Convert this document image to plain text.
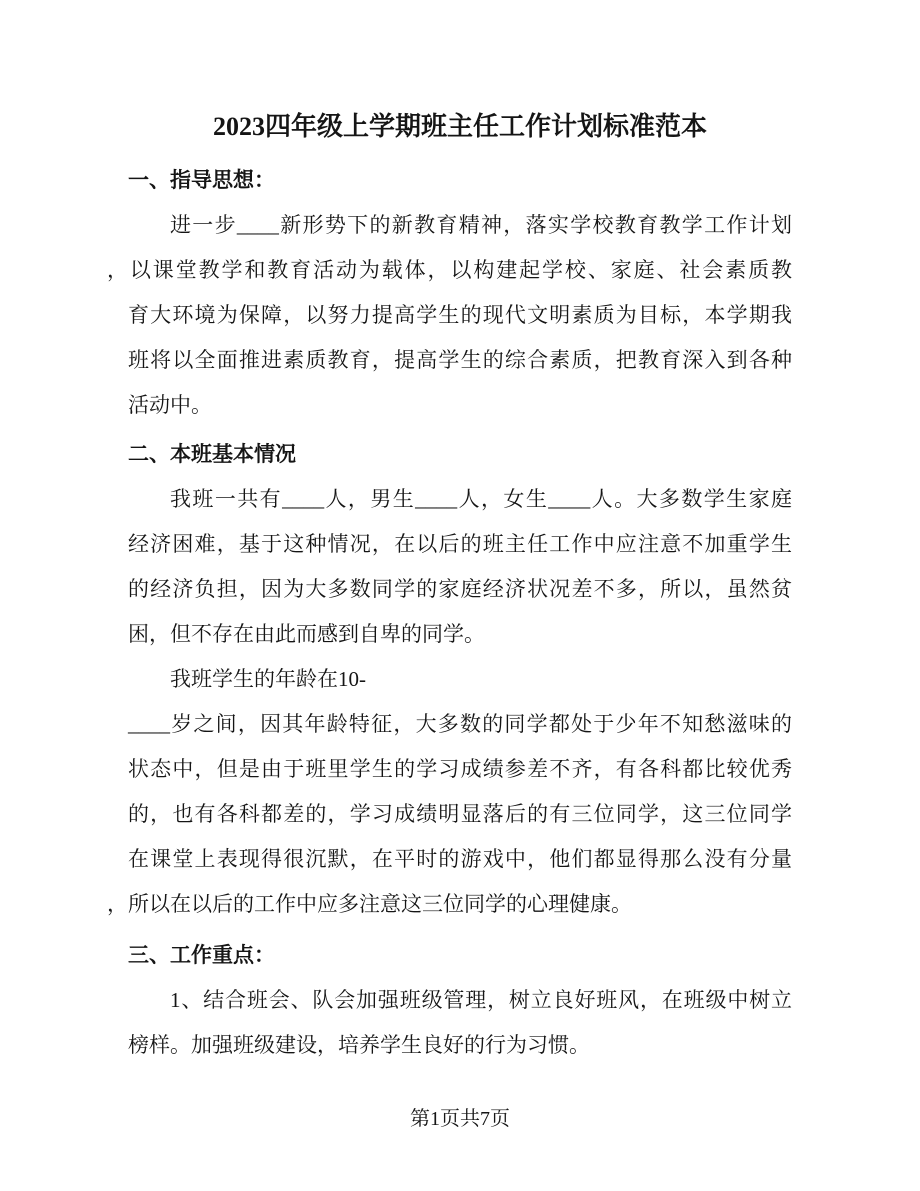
2023四年级上学期班主任工作计划标准范本
一、指导思想：
进一步____新形势下的新教育精神，落实学校教育教学工作计划
，以课堂教学和教育活动为载体，以构建起学校、家庭、社会素质教
育大环境为保障，以努力提高学生的现代文明素质为目标，本学期我
班将以全面推进素质教育，提高学生的综合素质，把教育深入到各种
活动中。
二、本班基本情况
我班一共有____人，男生____人，女生____人。大多数学生家庭
经济困难，基于这种情况，在以后的班主任工作中应注意不加重学生
的经济负担，因为大多数同学的家庭经济状况差不多，所以，虽然贫
困，但不存在由此而感到自卑的同学。
我班学生的年龄在10-
____岁之间，因其年龄特征，大多数的同学都处于少年不知愁滋味的
状态中，但是由于班里学生的学习成绩参差不齐，有各科都比较优秀
的，也有各科都差的，学习成绩明显落后的有三位同学，这三位同学
在课堂上表现得很沉默，在平时的游戏中，他们都显得那么没有分量
，所以在以后的工作中应多注意这三位同学的心理健康。
三、工作重点：
1、结合班会、队会加强班级管理，树立良好班风，在班级中树立
榜样。加强班级建设，培养学生良好的行为习惯。
第1页共7页
